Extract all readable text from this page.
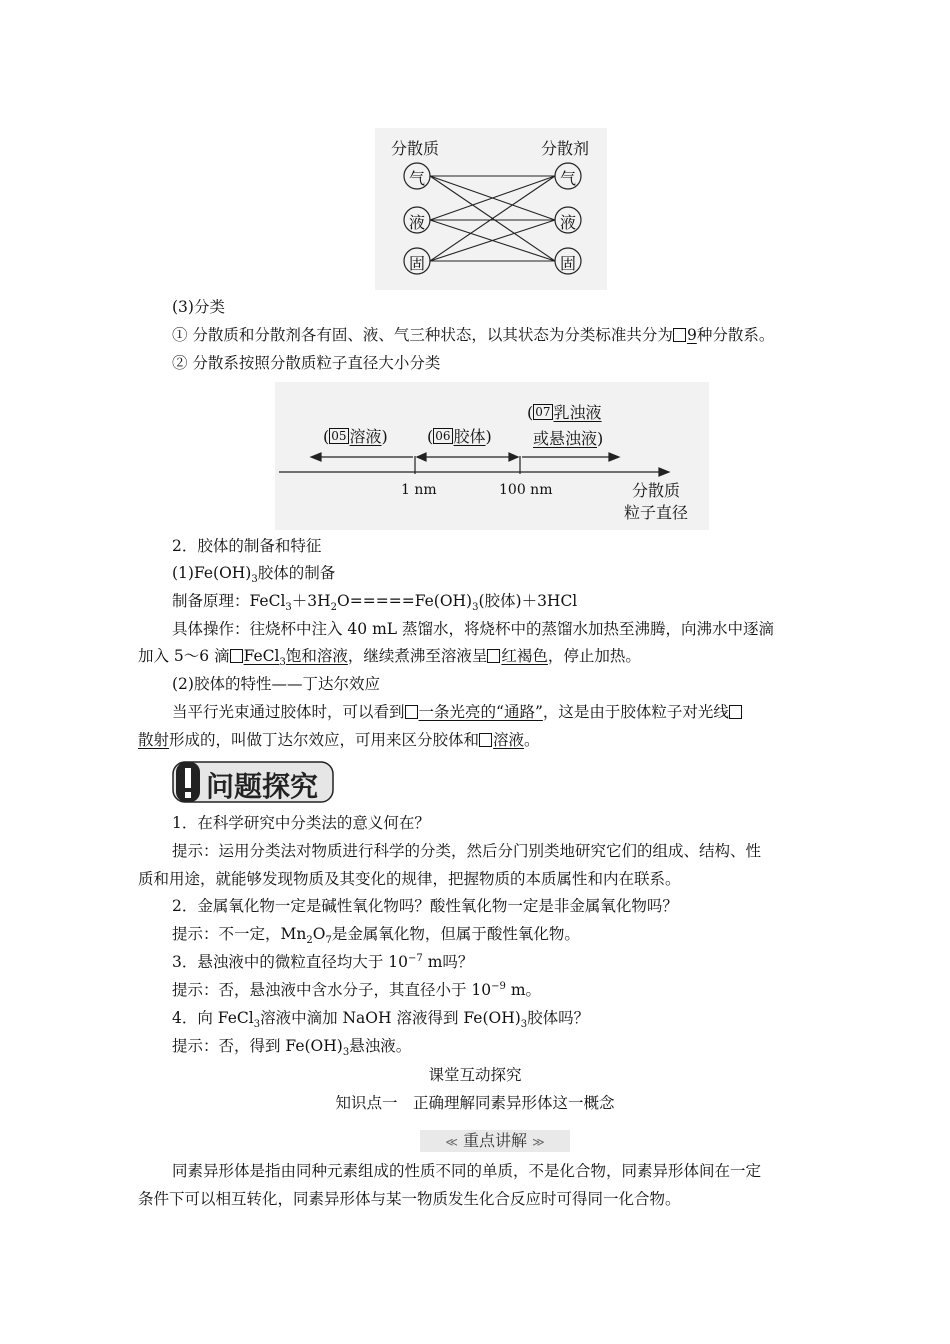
分散质	分散剂
气
液
固
气
液
固
(3)分类
① 分散质和分散剂各有固、液、气三种状态，以其状态为分类标准共分为 9种分散系。
② 分散系按照分散质粒子直径大小分类
( 05 溶液) ( 06 胶体)
( 07 乳浊液
或悬浊液)
1 nm	100 nm	分散质
粒子直径
2．胶体的制备和特征
$(1)Fe(OH)_3$胶体的制备
制备原理：$FeCl_3+3H_2O=====Fe(OH)_3$(胶体)＋3HCl
具体操作：往烧杯中注入 40 mL 蒸馏水，将烧杯中的蒸馏水加热至沸腾，向沸水中逐滴
加入 5～6 滴 FeCl$_3$饱和溶液，继续煮沸至溶液呈 红褐色，停止加热。
(2)胶体的特性——丁达尔效应
当平行光束通过胶体时，可以看到 一条光亮的“通路”，这是由于胶体粒子对光线
散射形成的，叫做丁达尔效应，可用来区分胶体和 溶液。
问题探究
1．在科学研究中分类法的意义何在？
提示：运用分类法对物质进行科学的分类，然后分门别类地研究它们的组成、结构、性
质和用途，就能够发现物质及其变化的规律，把握物质的本质属性和内在联系。
2．金属氧化物一定是碱性氧化物吗？酸性氧化物一定是非金属氧化物吗？
提示：不一定，$Mn_2O_7$是金属氧化物，但属于酸性氧化物。
3．悬浊液中的微粒直径均大于 $10^{-7}$ m吗？
提示：否，悬浊液中含水分子，其直径小于 $10^{-9}$ m。
4．向 FeCl$_3$溶液中滴加 NaOH 溶液得到 $Fe(OH)_3$胶体吗？
提示：否，得到 $Fe(OH)_3$悬浊液。
课堂互动探究
知识点一　正确理解同素异形体这一概念
≪ 重点讲解 ≫
同素异形体是指由同种元素组成的性质不同的单质，不是化合物，同素异形体间在一定
条件下可以相互转化，同素异形体与某一物质发生化合反应时可得同一化合物。
